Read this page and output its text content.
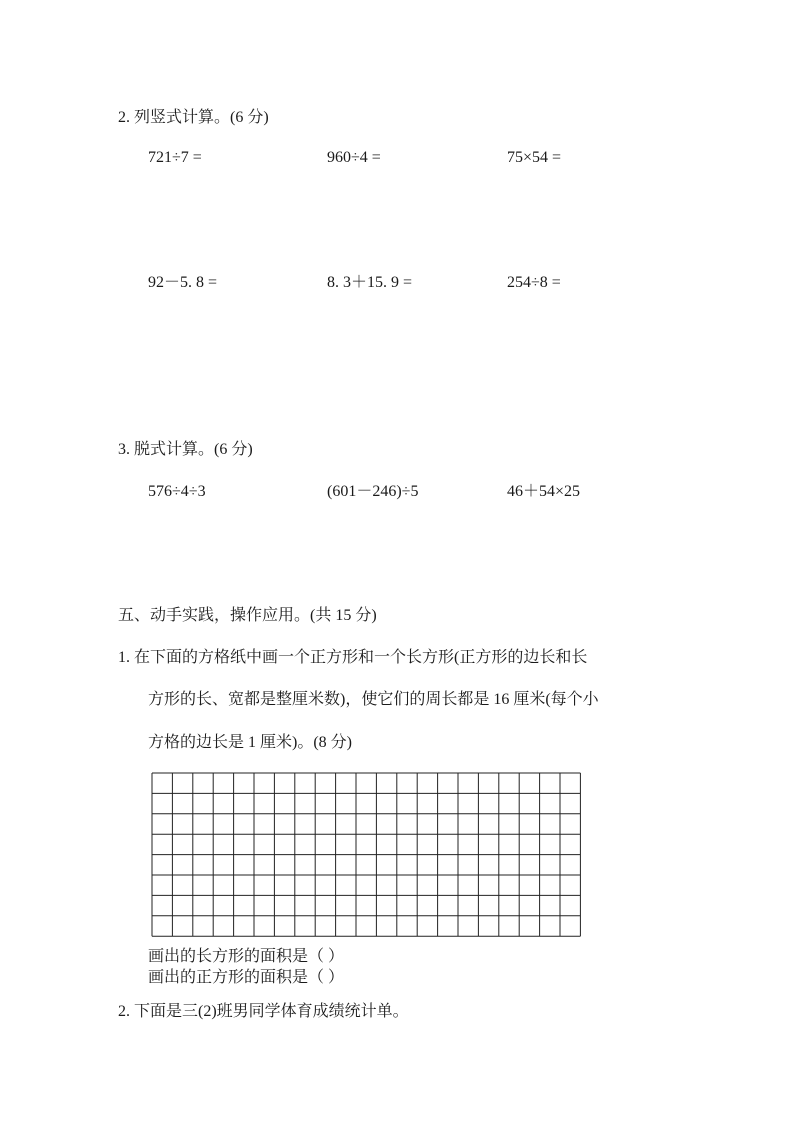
2. 列竖式计算。(6 分)
721÷7 =	960÷4 =	75×54 =
92－5. 8 =	8. 3＋15. 9 =	254÷8 =
3. 脱式计算。(6 分)
576÷4÷3	(601－246)÷5	46＋54×25
五、动手实践，操作应用。(共 15 分)
1. 在下面的方格纸中画一个正方形和一个长方形(正方形的边长和长
方形的长、宽都是整厘米数)，使它们的周长都是 16 厘米(每个小
方格的边长是 1 厘米)。(8 分)
画出的长方形的面积是（ ）
画出的正方形的面积是（ ）
2. 下面是三(2)班男同学体育成绩统计单。
